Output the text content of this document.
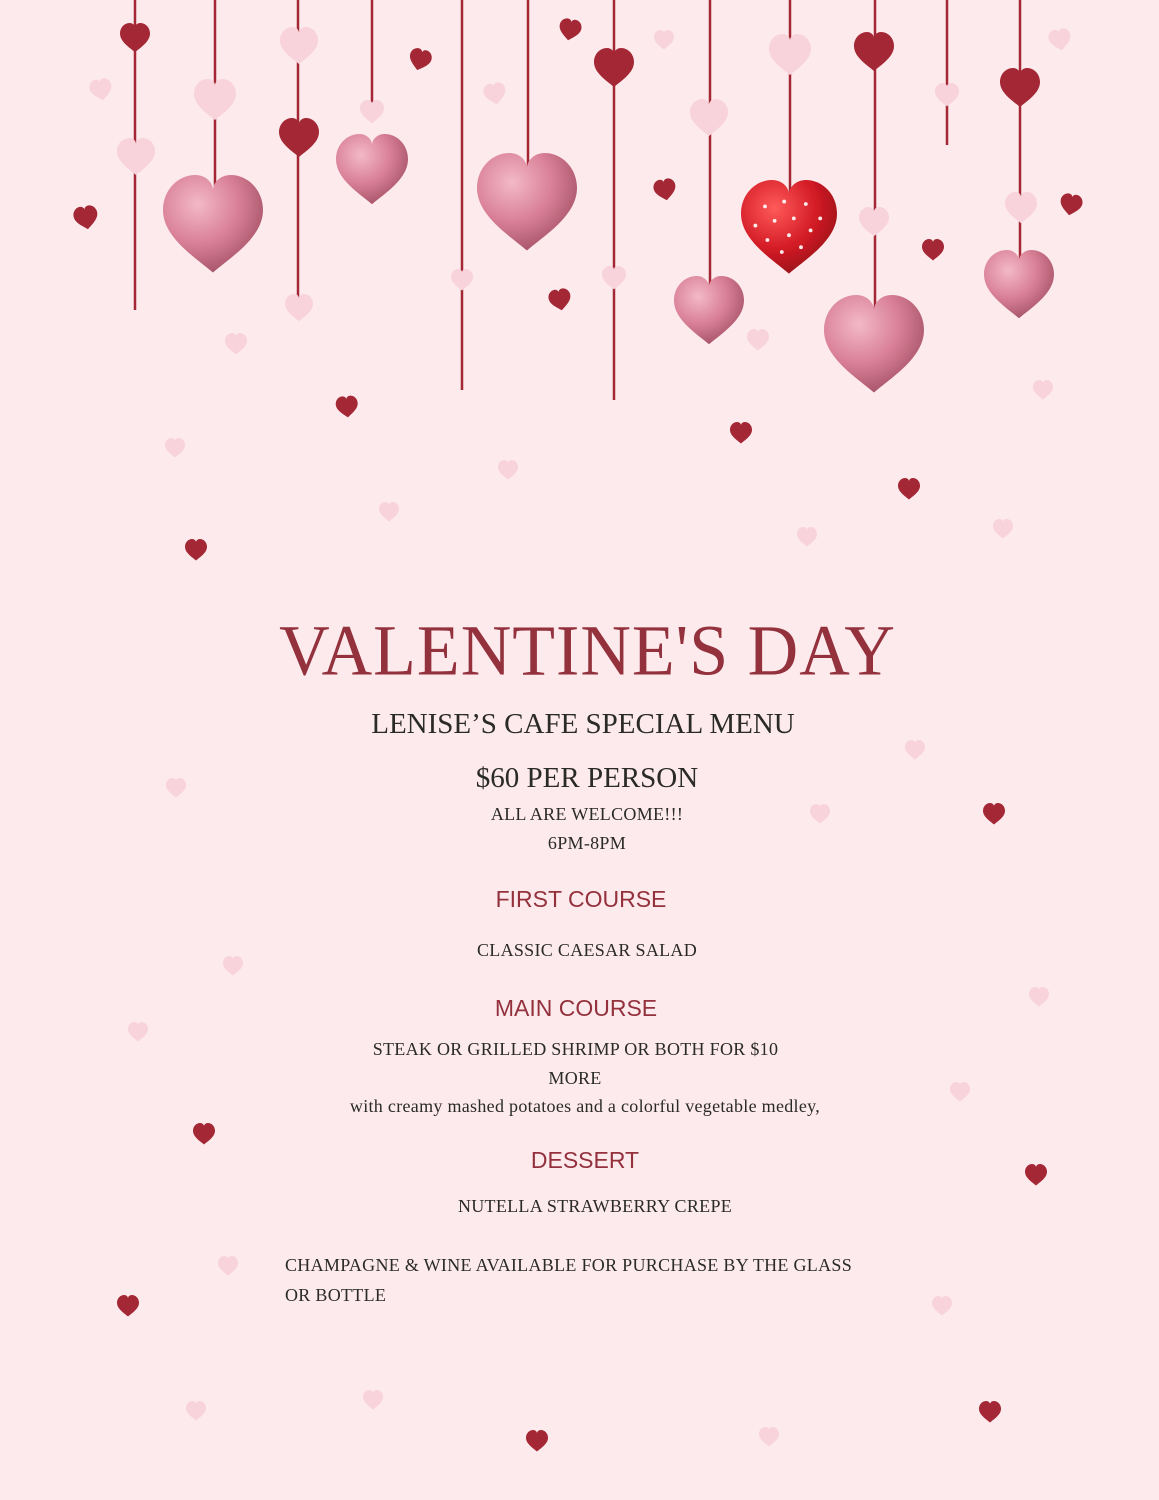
VALENTINE'S DAY
LENISE’S CAFE SPECIAL MENU
$60 PER PERSON
ALL ARE WELCOME!!!
6PM-8PM
FIRST COURSE
CLASSIC CAESAR SALAD
MAIN COURSE
STEAK OR GRILLED SHRIMP OR BOTH FOR $10
MORE
with creamy mashed potatoes and a colorful vegetable medley,
DESSERT
NUTELLA STRAWBERRY CREPE
CHAMPAGNE & WINE AVAILABLE FOR PURCHASE BY THE GLASS
OR BOTTLE
